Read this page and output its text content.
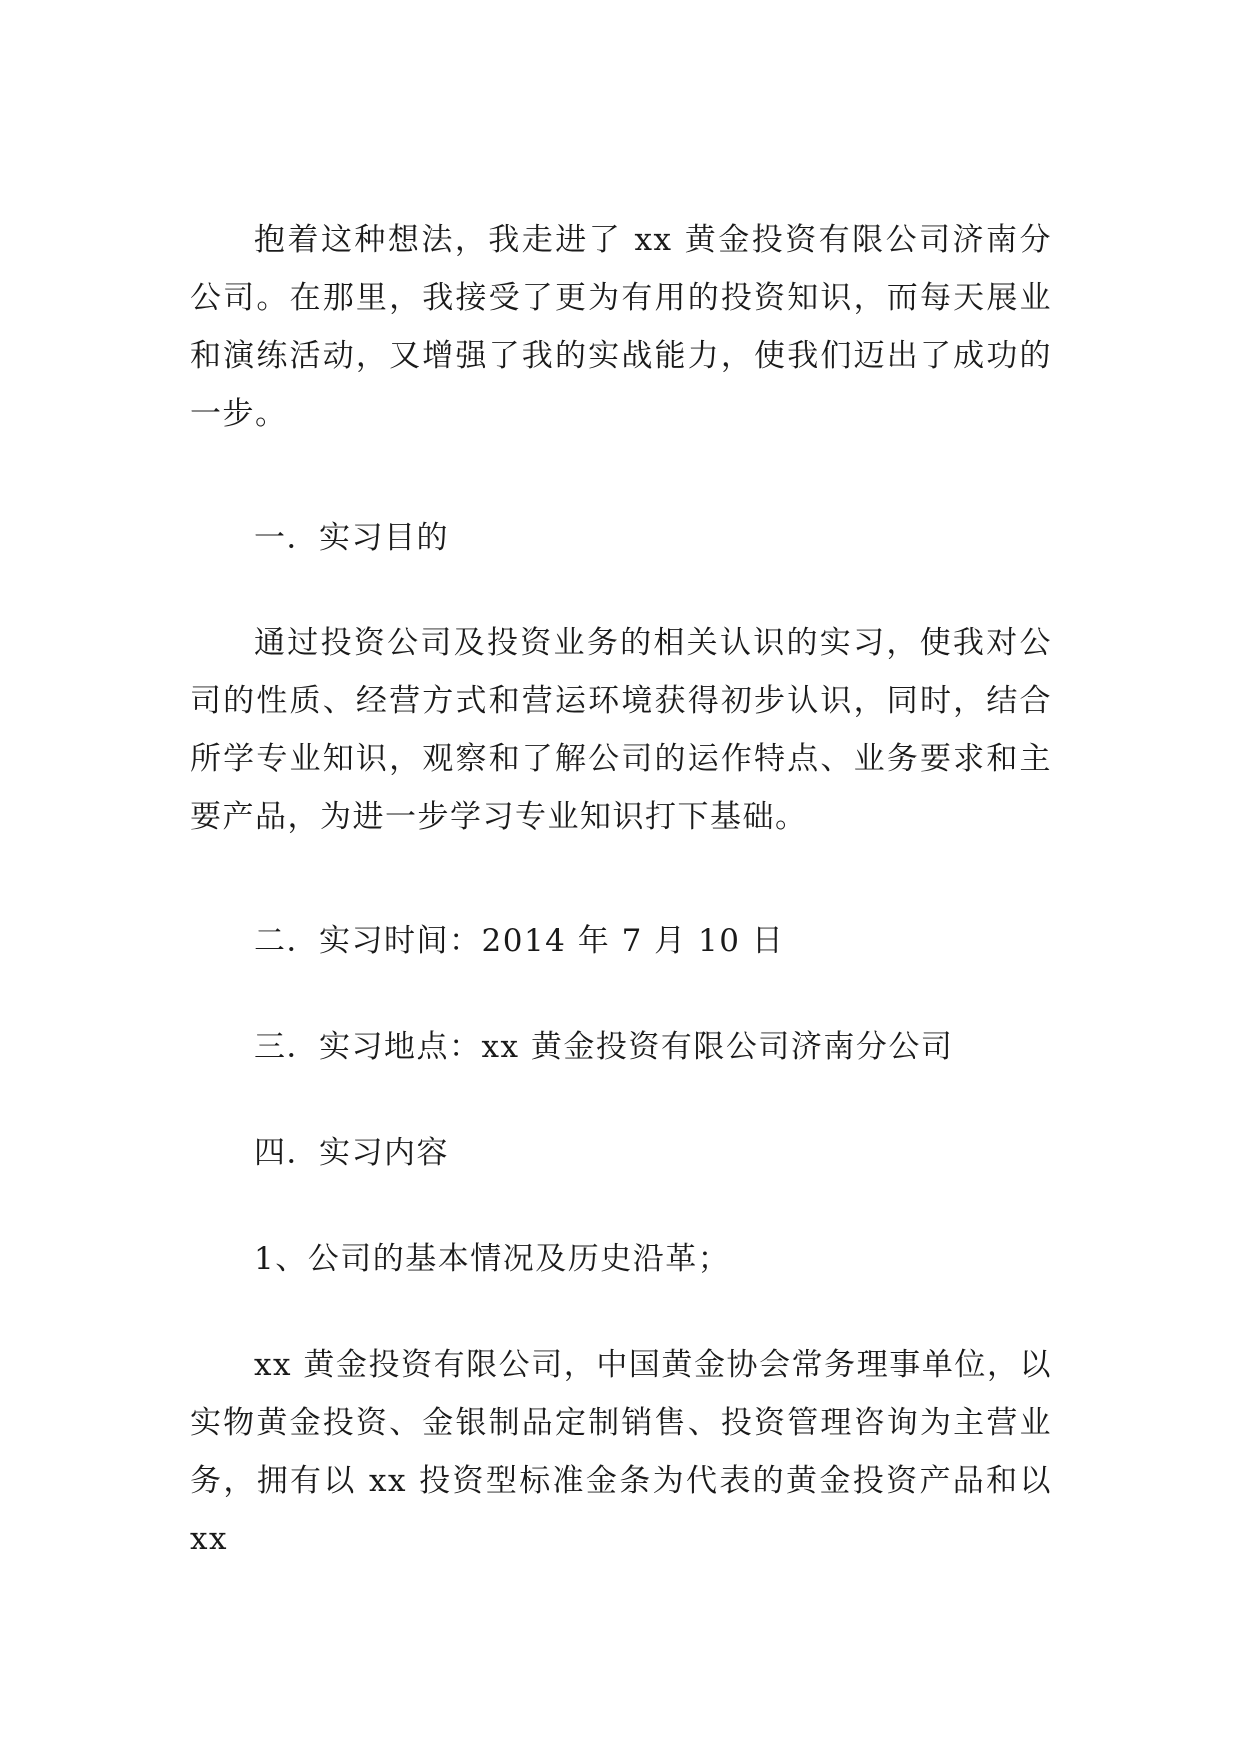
抱着这种想法，我走进了 xx 黄金投资有限公司济南分公司。在那里，我接受了更为有用的投资知识，而每天展业和演练活动，又增强了我的实战能力，使我们迈出了成功的一步。

一．实习目的

通过投资公司及投资业务的相关认识的实习，使我对公司的性质、经营方式和营运环境获得初步认识，同时，结合所学专业知识，观察和了解公司的运作特点、业务要求和主要产品，为进一步学习专业知识打下基础。

二．实习时间：2014 年 7 月 10 日

三．实习地点：xx 黄金投资有限公司济南分公司

四．实习内容

1、公司的基本情况及历史沿革；

xx 黄金投资有限公司，中国黄金协会常务理事单位，以实物黄金投资、金银制品定制销售、投资管理咨询为主营业务，拥有以 xx 投资型标准金条为代表的黄金投资产品和以 xx
